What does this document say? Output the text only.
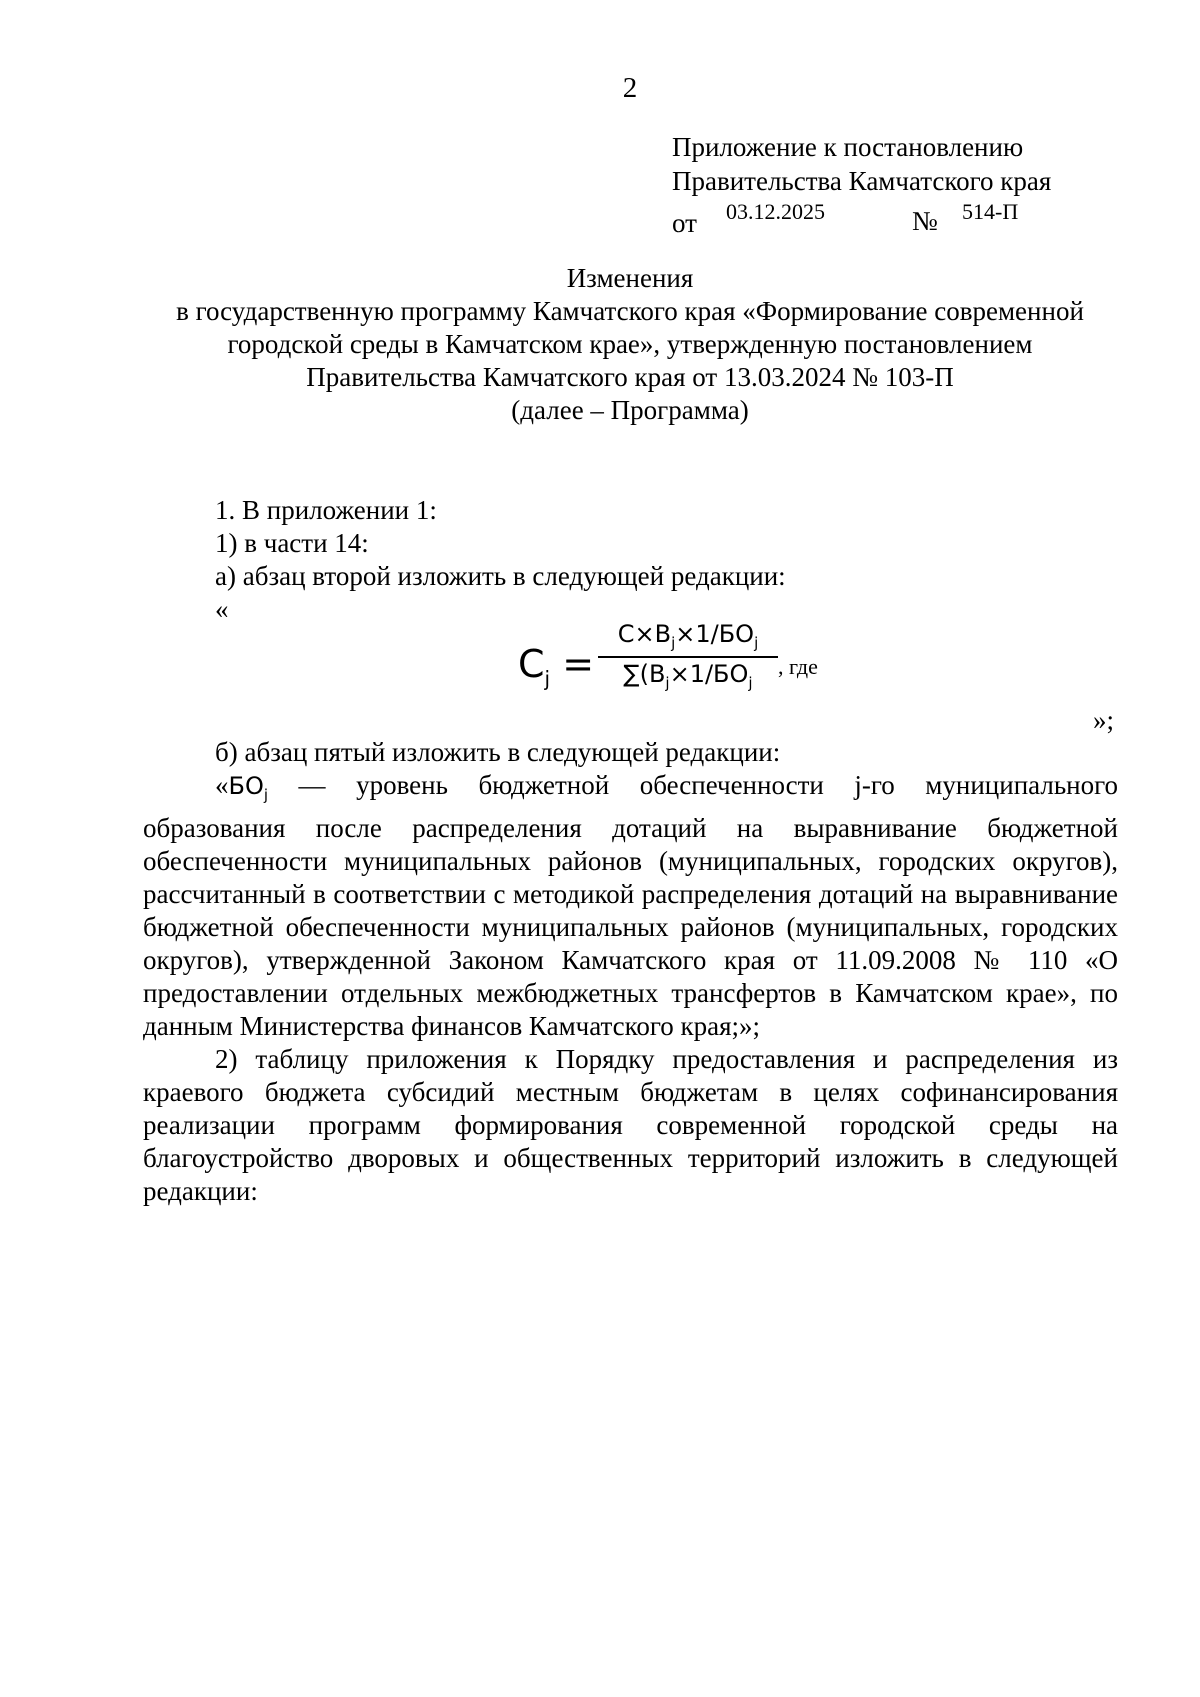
2
Приложение к постановлению
Правительства Камчатского края
от 03.12.2025	№ 514-П
Изменения
в государственную программу Камчатского края «Формирование современной
городской среды в Камчатском крае», утвержденную постановлением
Правительства Камчатского края от 13.03.2024 № 103-П
(далее – Программа)

1. В приложении 1:

1) в части 14:

а) абзац второй изложить в следующей редакции:

«

$C_j$ =
$C\times B_j\times 1/БО_j$
$\sum(B_j\times 1/БО_j$
, где
»;

б) абзац пятый изложить в следующей редакции:

«$БО_j$ — уровень бюджетной обеспеченности j-го муниципального образования после распределения дотаций на выравнивание бюджетной обеспеченности муниципальных районов (муниципальных, городских округов), рассчитанный в соответствии с методикой распределения дотаций на выравнивание бюджетной обеспеченности муниципальных районов (муниципальных, городских округов), утвержденной Законом Камчатского края от 11.09.2008 № 110 «О предоставлении отдельных межбюджетных трансфертов в Камчатском крае», по данным Министерства финансов Камчатского края;»;

2) таблицу приложения к Порядку предоставления и распределения из краевого бюджета субсидий местным бюджетам в целях софинансирования реализации программ формирования современной городской среды на благоустройство дворовых и общественных территорий изложить в следующей редакции:
